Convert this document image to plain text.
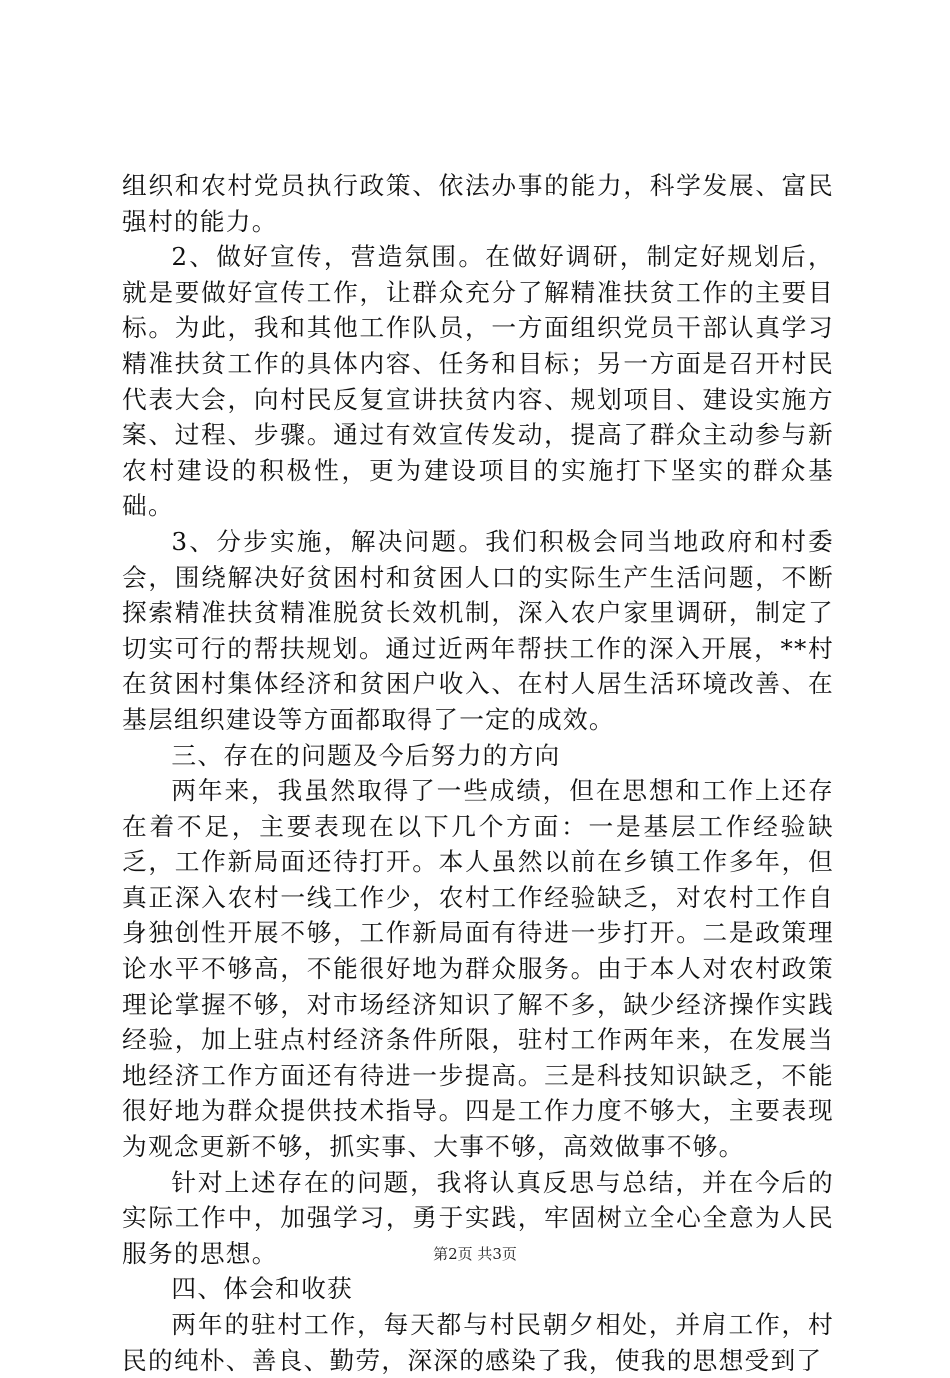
组织和农村党员执行政策、依法办事的能力，科学发展、富民强村的能力。

2、做好宣传，营造氛围。在做好调研，制定好规划后，就是要做好宣传工作，让群众充分了解精准扶贫工作的主要目标。为此，我和其他工作队员，一方面组织党员干部认真学习精准扶贫工作的具体内容、任务和目标；另一方面是召开村民代表大会，向村民反复宣讲扶贫内容、规划项目、建设实施方案、过程、步骤。通过有效宣传发动，提高了群众主动参与新农村建设的积极性，更为建设项目的实施打下坚实的群众基础。

3、分步实施，解决问题。我们积极会同当地政府和村委会，围绕解决好贫困村和贫困人口的实际生产生活问题，不断探索精准扶贫精准脱贫长效机制，深入农户家里调研，制定了切实可行的帮扶规划。通过近两年帮扶工作的深入开展，**村在贫困村集体经济和贫困户收入、在村人居生活环境改善、在基层组织建设等方面都取得了一定的成效。

三、存在的问题及今后努力的方向

两年来，我虽然取得了一些成绩，但在思想和工作上还存在着不足，主要表现在以下几个方面：一是基层工作经验缺乏，工作新局面还待打开。本人虽然以前在乡镇工作多年，但真正深入农村一线工作少，农村工作经验缺乏，对农村工作自身独创性开展不够，工作新局面有待进一步打开。二是政策理论水平不够高，不能很好地为群众服务。由于本人对农村政策理论掌握不够，对市场经济知识了解不多，缺少经济操作实践经验，加上驻点村经济条件所限，驻村工作两年来，在发展当地经济工作方面还有待进一步提高。三是科技知识缺乏，不能很好地为群众提供技术指导。四是工作力度不够大，主要表现为观念更新不够，抓实事、大事不够，高效做事不够。

针对上述存在的问题，我将认真反思与总结，并在今后的实际工作中，加强学习，勇于实践，牢固树立全心全意为人民服务的思想。

四、体会和收获

两年的驻村工作，每天都与村民朝夕相处，并肩工作，村民的纯朴、善良、勤劳，深深的感染了我，使我的思想受到了

第2页 共3页
